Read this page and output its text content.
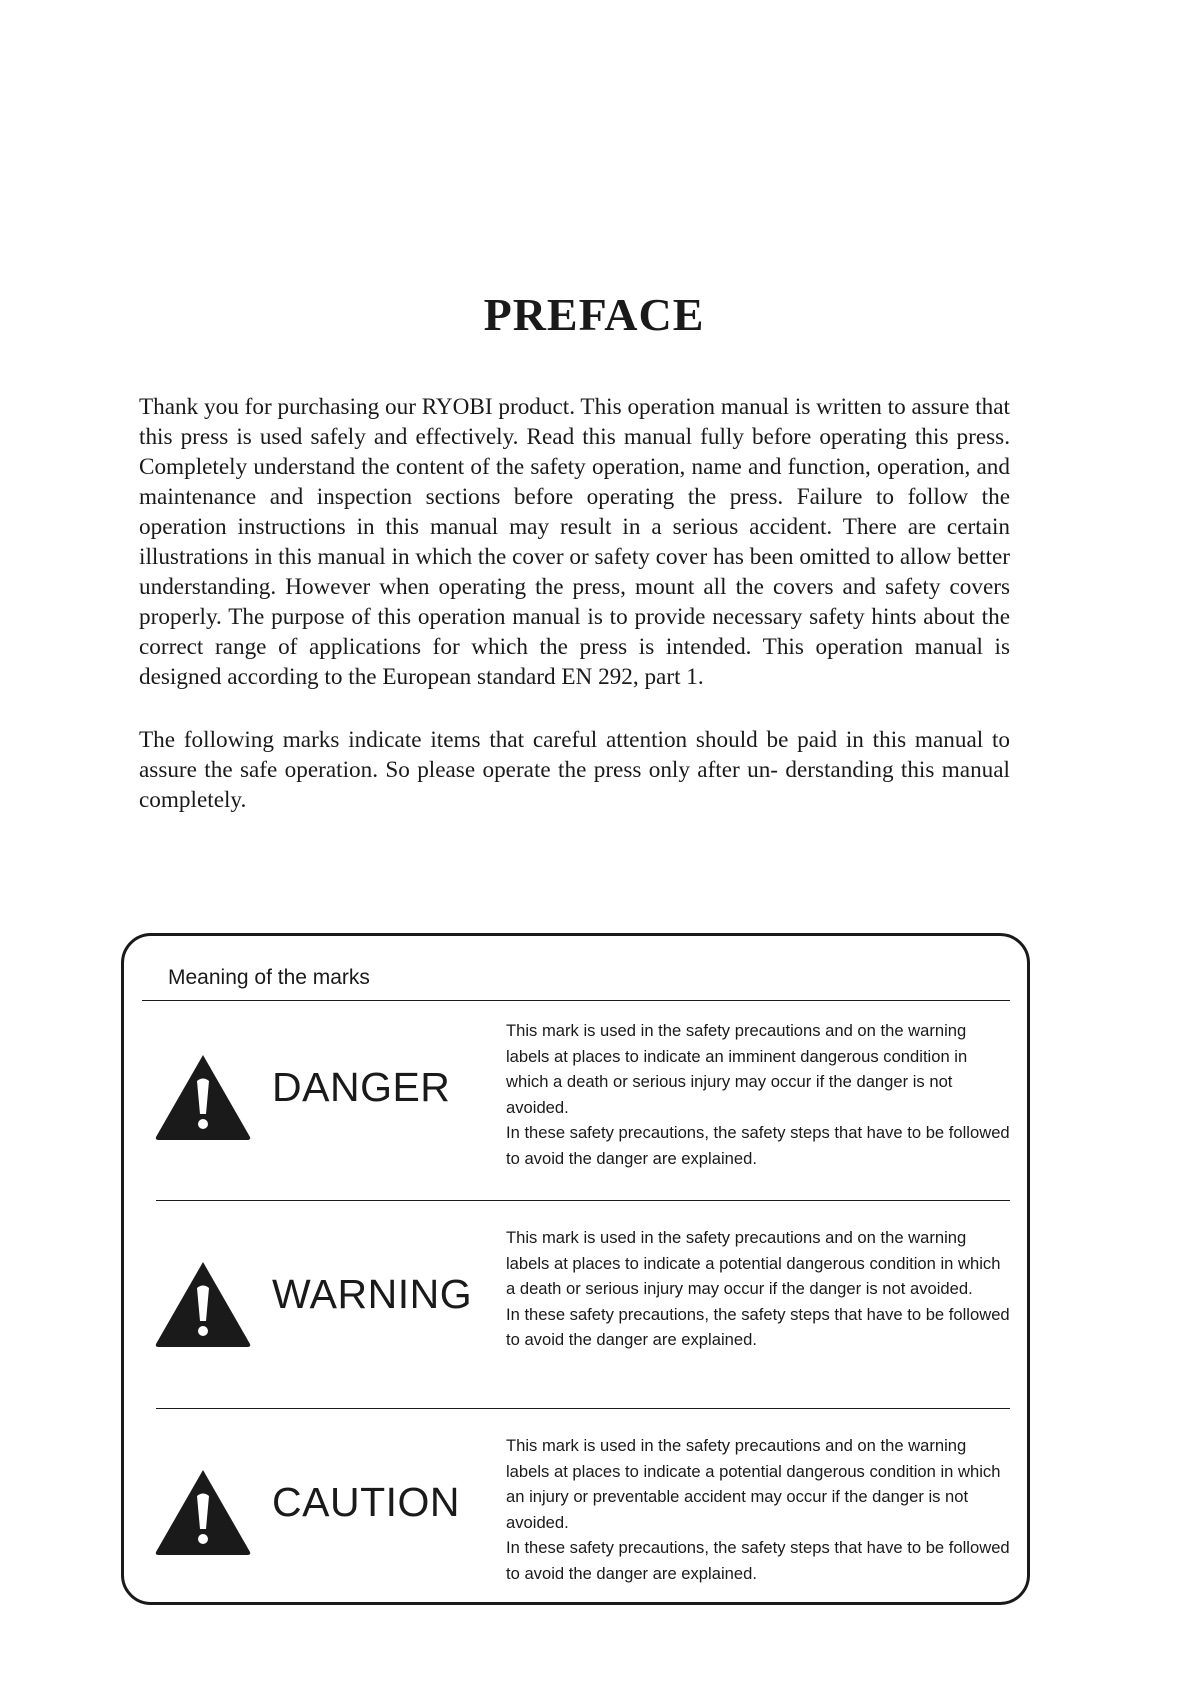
PREFACE

Thank you for purchasing our RYOBI product. This operation manual is written to assure that this press is used safely and effectively. Read this manual fully before operating this press. Completely understand the content of the safety operation, name and function, operation, and maintenance and inspection sections before operating the press. Failure to follow the operation instructions in this manual may result in a serious accident. There are certain illustrations in this manual in which the cover or safety cover has been omitted to allow better understanding. However when operating the press, mount all the covers and safety covers properly. The purpose of this operation manual is to provide necessary safety hints about the correct range of applications for which the press is intended. This operation manual is designed according to the European standard EN 292, part 1.

The following marks indicate items that careful attention should be paid in this manual to assure the safe operation. So please operate the press only after un- derstanding this manual completely.

Meaning of the marks

DANGER

This mark is used in the safety precautions and on the warning labels at places to indicate an imminent dangerous condition in which a death or serious injury may occur if the danger is not avoided.
In these safety precautions, the safety steps that have to be followed to avoid the danger are explained.

WARNING

This mark is used in the safety precautions and on the warning labels at places to indicate a potential dangerous condition in which a death or serious injury may occur if the danger is not avoided.
In these safety precautions, the safety steps that have to be followed to avoid the danger are explained.

CAUTION

This mark is used in the safety precautions and on the warning labels at places to indicate a potential dangerous condition in which an injury or preventable accident may occur if the danger is not avoided.
In these safety precautions, the safety steps that have to be followed to avoid the danger are explained.
